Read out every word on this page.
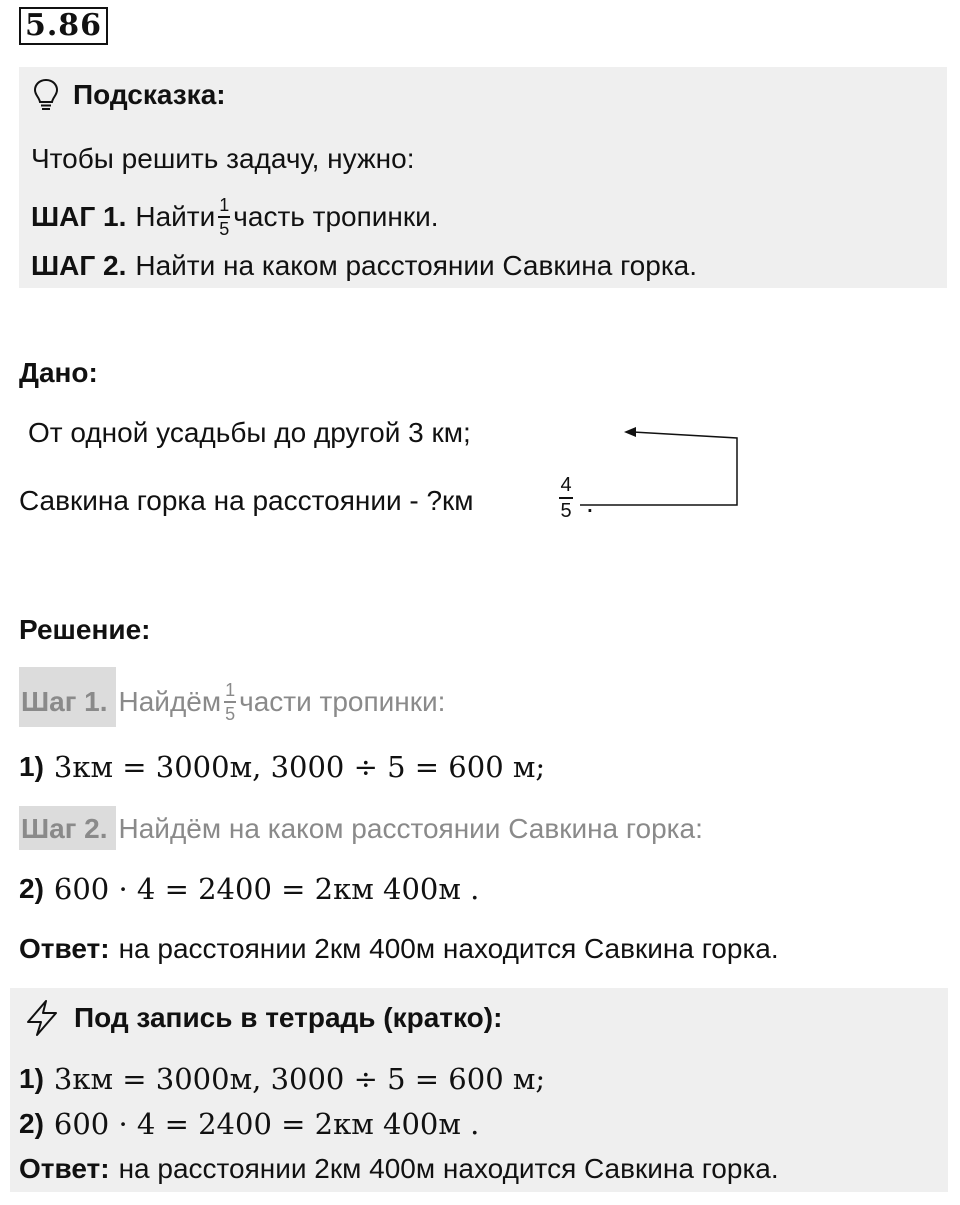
5.86
Подсказка:
Чтобы решить задачу, нужно:
ШАГ 1. Найти $\frac{1}{5}$ часть тропинки.
ШАГ 2. Найти на каком расстоянии Савкина горка.
Дано:
От одной усадьбы до другой 3 км;
Савкина горка на расстоянии - ?км	$\frac{4}{5}$ .
Решение:
Шаг 1. Найдём $\frac{1}{5}$ части тропинки:
1) 3км = 3000м, 3000 ÷ 5 = 600 м;
Шаг 2. Найдём на каком расстоянии Савкина горка:
2) 600 · 4 = 2400 = 2км 400м .
Ответ: на расстоянии 2км 400м находится Савкина горка.
Под запись в тетрадь (кратко):
1) 3км = 3000м, 3000 ÷ 5 = 600 м;
2) 600 · 4 = 2400 = 2км 400м .
Ответ: на расстоянии 2км 400м находится Савкина горка.
